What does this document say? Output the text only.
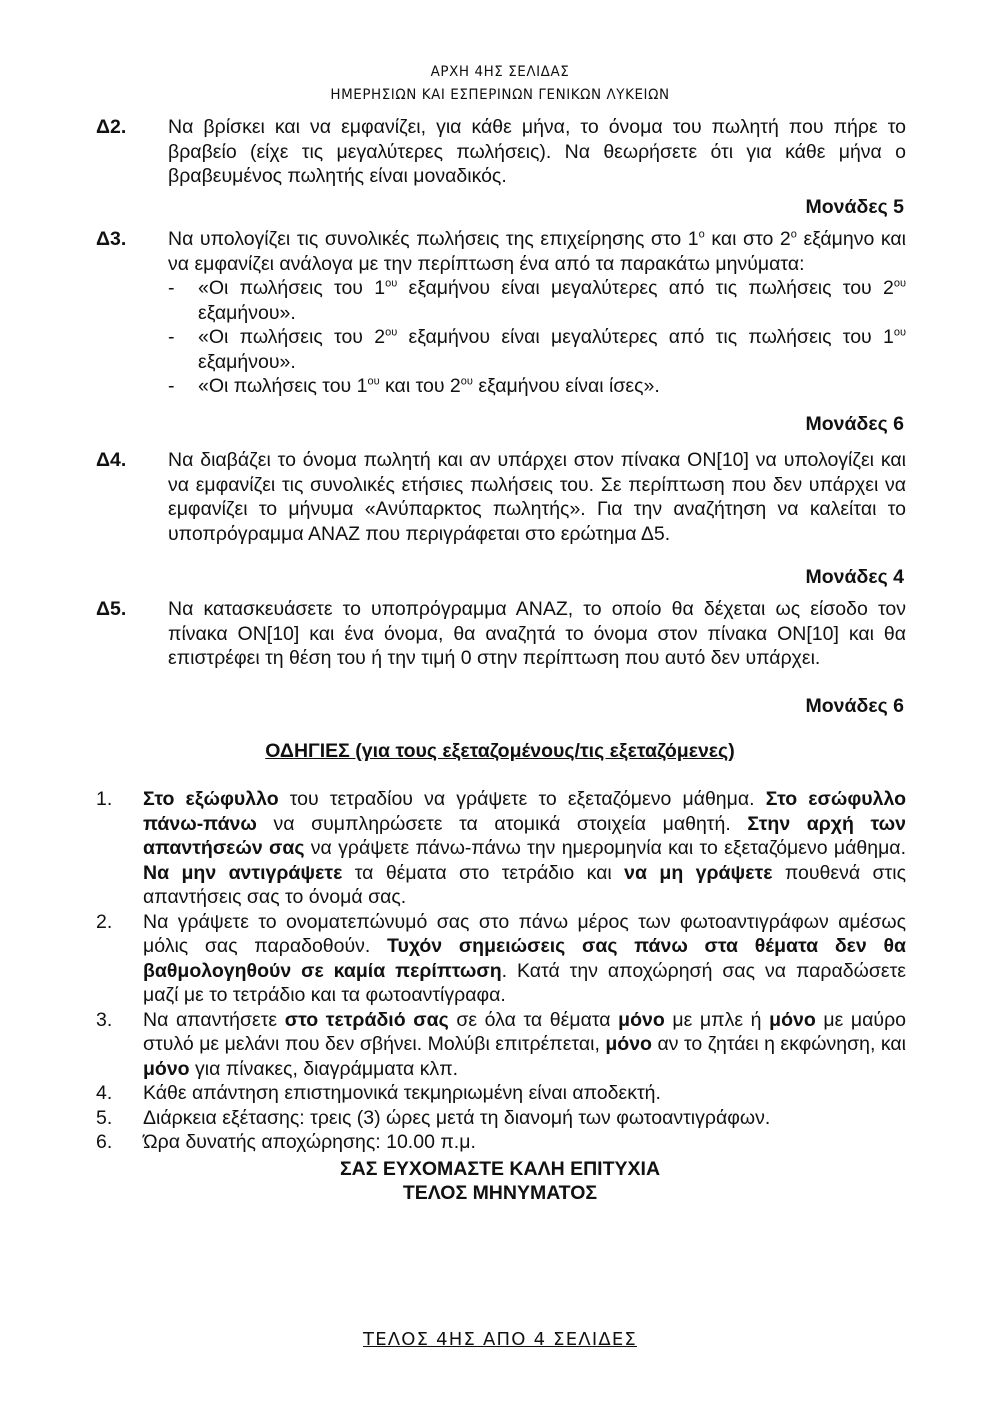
ΑΡΧΗ 4ΗΣ ΣΕΛΙΔΑΣ
ΗΜΕΡΗΣΙΩΝ ΚΑΙ ΕΣΠΕΡΙΝΩΝ ΓΕΝΙΚΩΝ ΛΥΚΕΙΩΝ
Δ2. Να βρίσκει και να εμφανίζει, για κάθε μήνα, το όνομα του πωλητή που πήρε το βραβείο (είχε τις μεγαλύτερες πωλήσεις). Να θεωρήσετε ότι για κάθε μήνα ο βραβευμένος πωλητής είναι μοναδικός.
Μονάδες 5
Δ3. Να υπολογίζει τις συνολικές πωλήσεις της επιχείρησης στο $1^o$ και στο $2^o$ εξάμηνο και να εμφανίζει ανάλογα με την περίπτωση ένα από τα παρακάτω μηνύματα:
-	«Οι πωλήσεις του $1^{o\upsilon}$ εξαμήνου είναι μεγαλύτερες από τις πωλήσεις του $2^{o\upsilon}$ εξαμήνου».
-	«Οι πωλήσεις του $2^{o\upsilon}$ εξαμήνου είναι μεγαλύτερες από τις πωλήσεις του $1^{o\upsilon}$ εξαμήνου».
-	«Οι πωλήσεις του $1^{o\upsilon}$ και του $2^{o\upsilon}$ εξαμήνου είναι ίσες».
Μονάδες 6
Δ4. Να διαβάζει το όνομα πωλητή και αν υπάρχει στον πίνακα ΟΝ[10] να υπολογίζει και να εμφανίζει τις συνολικές ετήσιες πωλήσεις του. Σε περίπτωση που δεν υπάρχει να εμφανίζει το μήνυμα «Ανύπαρκτος πωλητής». Για την αναζήτηση να καλείται το υποπρόγραμμα ΑΝΑΖ που περιγράφεται στο ερώτημα Δ5.
Μονάδες 4
Δ5. Να κατασκευάσετε το υποπρόγραμμα ΑΝΑΖ, το οποίο θα δέχεται ως είσοδο τον πίνακα ΟΝ[10] και ένα όνομα, θα αναζητά το όνομα στον πίνακα ΟΝ[10] και θα επιστρέφει τη θέση του ή την τιμή 0 στην περίπτωση που αυτό δεν υπάρχει.
Μονάδες 6
ΟΔΗΓΙΕΣ (για τους εξεταζομένους/τις εξεταζόμενες)
1.	Στο εξώφυλλο του τετραδίου να γράψετε το εξεταζόμενο μάθημα. Στο εσώφυλλο πάνω-πάνω να συμπληρώσετε τα ατομικά στοιχεία μαθητή. Στην αρχή των απαντήσεών σας να γράψετε πάνω-πάνω την ημερομηνία και το εξεταζόμενο μάθημα. Να μην αντιγράψετε τα θέματα στο τετράδιο και να μη γράψετε πουθενά στις απαντήσεις σας το όνομά σας.
2.	Να γράψετε το ονοματεπώνυμό σας στο πάνω μέρος των φωτοαντιγράφων αμέσως μόλις σας παραδοθούν. Τυχόν σημειώσεις σας πάνω στα θέματα δεν θα βαθμολογηθούν σε καμία περίπτωση. Κατά την αποχώρησή σας να παραδώσετε μαζί με το τετράδιο και τα φωτοαντίγραφα.
3.	Να απαντήσετε στο τετράδιό σας σε όλα τα θέματα μόνο με μπλε ή μόνο με μαύρο στυλό με μελάνι που δεν σβήνει. Μολύβι επιτρέπεται, μόνο αν το ζητάει η εκφώνηση, και μόνο για πίνακες, διαγράμματα κλπ.
4.	Κάθε απάντηση επιστημονικά τεκμηριωμένη είναι αποδεκτή.
5.	Διάρκεια εξέτασης: τρεις (3) ώρες μετά τη διανομή των φωτοαντιγράφων.
6.	Ώρα δυνατής αποχώρησης: 10.00 π.μ.
ΣΑΣ ΕΥΧΟΜΑΣΤΕ ΚΑΛΗ ΕΠΙΤΥΧΙΑ
ΤΕΛΟΣ ΜΗΝΥΜΑΤΟΣ
ΤΕΛΟΣ 4ΗΣ ΑΠΟ 4 ΣΕΛΙΔΕΣ
